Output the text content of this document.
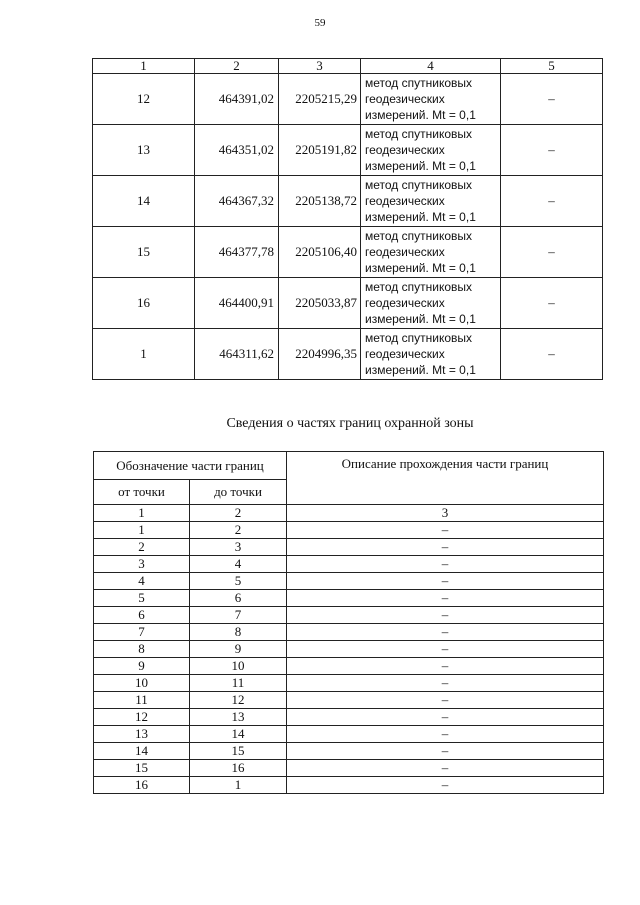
59
1	2	3	4	5
12	464391,02	2205215,29	метод спутниковых
геодезических
измерений. Mt = 0,1	–
13	464351,02	2205191,82	метод спутниковых
геодезических
измерений. Mt = 0,1	–
14	464367,32	2205138,72	метод спутниковых
геодезических
измерений. Mt = 0,1	–
15	464377,78	2205106,40	метод спутниковых
геодезических
измерений. Mt = 0,1	–
16	464400,91	2205033,87	метод спутниковых
геодезических
измерений. Mt = 0,1	–
1	464311,62	2204996,35	метод спутниковых
геодезических
измерений. Mt = 0,1	–
Сведения о частях границ охранной зоны
Обозначение части границ		Описание прохождения части границ
от точки	до точки	
1	2	3
1	2	–
2	3	–
3	4	–
4	5	–
5	6	–
6	7	–
7	8	–
8	9	–
9	10	–
10	11	–
11	12	–
12	13	–
13	14	–
14	15	–
15	16	–
16	1	–
